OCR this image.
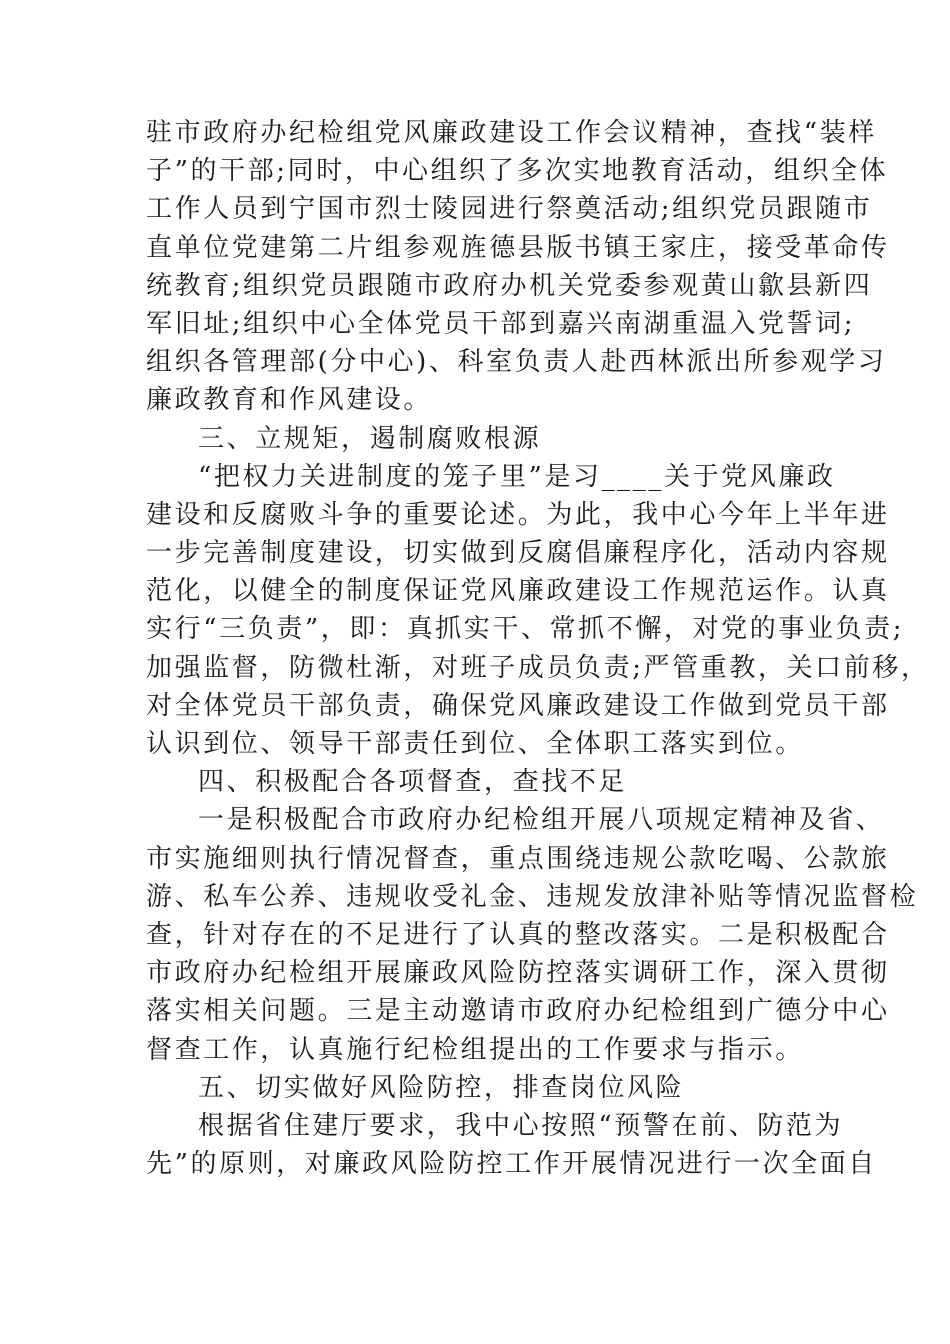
驻市政府办纪检组党风廉政建设工作会议精神，查找“装样
子”的干部;同时，中心组织了多次实地教育活动，组织全体
工作人员到宁国市烈士陵园进行祭奠活动;组织党员跟随市
直单位党建第二片组参观旌德县版书镇王家庄，接受革命传
统教育;组织党员跟随市政府办机关党委参观黄山歙县新四
军旧址;组织中心全体党员干部到嘉兴南湖重温入党誓词;
组织各管理部(分中心)、科室负责人赴西林派出所参观学习
廉政教育和作风建设。
三、立规矩，遏制腐败根源
“把权力关进制度的笼子里”是习____关于党风廉政
建设和反腐败斗争的重要论述。为此，我中心今年上半年进
一步完善制度建设，切实做到反腐倡廉程序化，活动内容规
范化，以健全的制度保证党风廉政建设工作规范运作。认真
实行“三负责”，即：真抓实干、常抓不懈，对党的事业负责;
加强监督，防微杜渐，对班子成员负责;严管重教，关口前移，
对全体党员干部负责，确保党风廉政建设工作做到党员干部
认识到位、领导干部责任到位、全体职工落实到位。
四、积极配合各项督查，查找不足
一是积极配合市政府办纪检组开展八项规定精神及省、
市实施细则执行情况督查，重点围绕违规公款吃喝、公款旅
游、私车公养、违规收受礼金、违规发放津补贴等情况监督检
查，针对存在的不足进行了认真的整改落实。二是积极配合
市政府办纪检组开展廉政风险防控落实调研工作，深入贯彻
落实相关问题。三是主动邀请市政府办纪检组到广德分中心
督查工作，认真施行纪检组提出的工作要求与指示。
五、切实做好风险防控，排查岗位风险
根据省住建厅要求，我中心按照“预警在前、防范为
先”的原则，对廉政风险防控工作开展情况进行一次全面自
